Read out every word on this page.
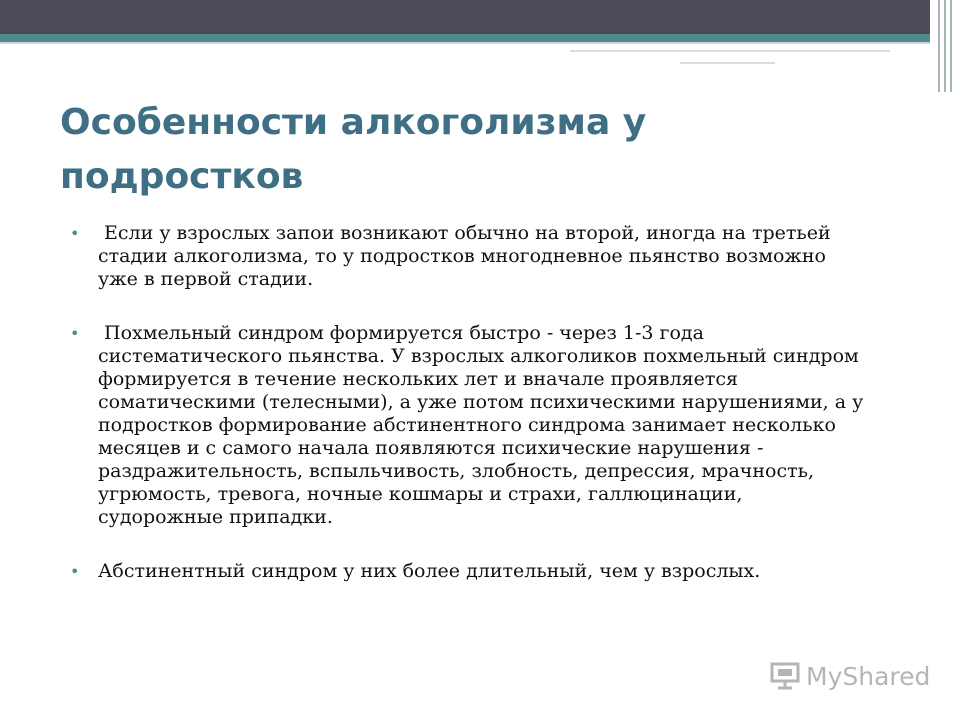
Особенности алкоголизма у подростков
• Если у взрослых запои возникают обычно на второй, иногда на третьей стадии алкоголизма, то у подростков многодневное пьянство возможно уже в первой стадии.
• Похмельный синдром формируется быстро - через 1-3 года систематического пьянства. У взрослых алкоголиков похмельный синдром формируется в течение нескольких лет и вначале проявляется соматическими (телесными), а уже потом психическими нарушениями, а у подростков формирование абстинентного синдрома занимает несколько месяцев и с самого начала появляются психические нарушения - раздражительность, вспыльчивость, злобность, депрессия, мрачность, угрюмость, тревога, ночные кошмары и страхи, галлюцинации, судорожные припадки.
• Абстинентный синдром у них более длительный, чем у взрослых.
MyShared
